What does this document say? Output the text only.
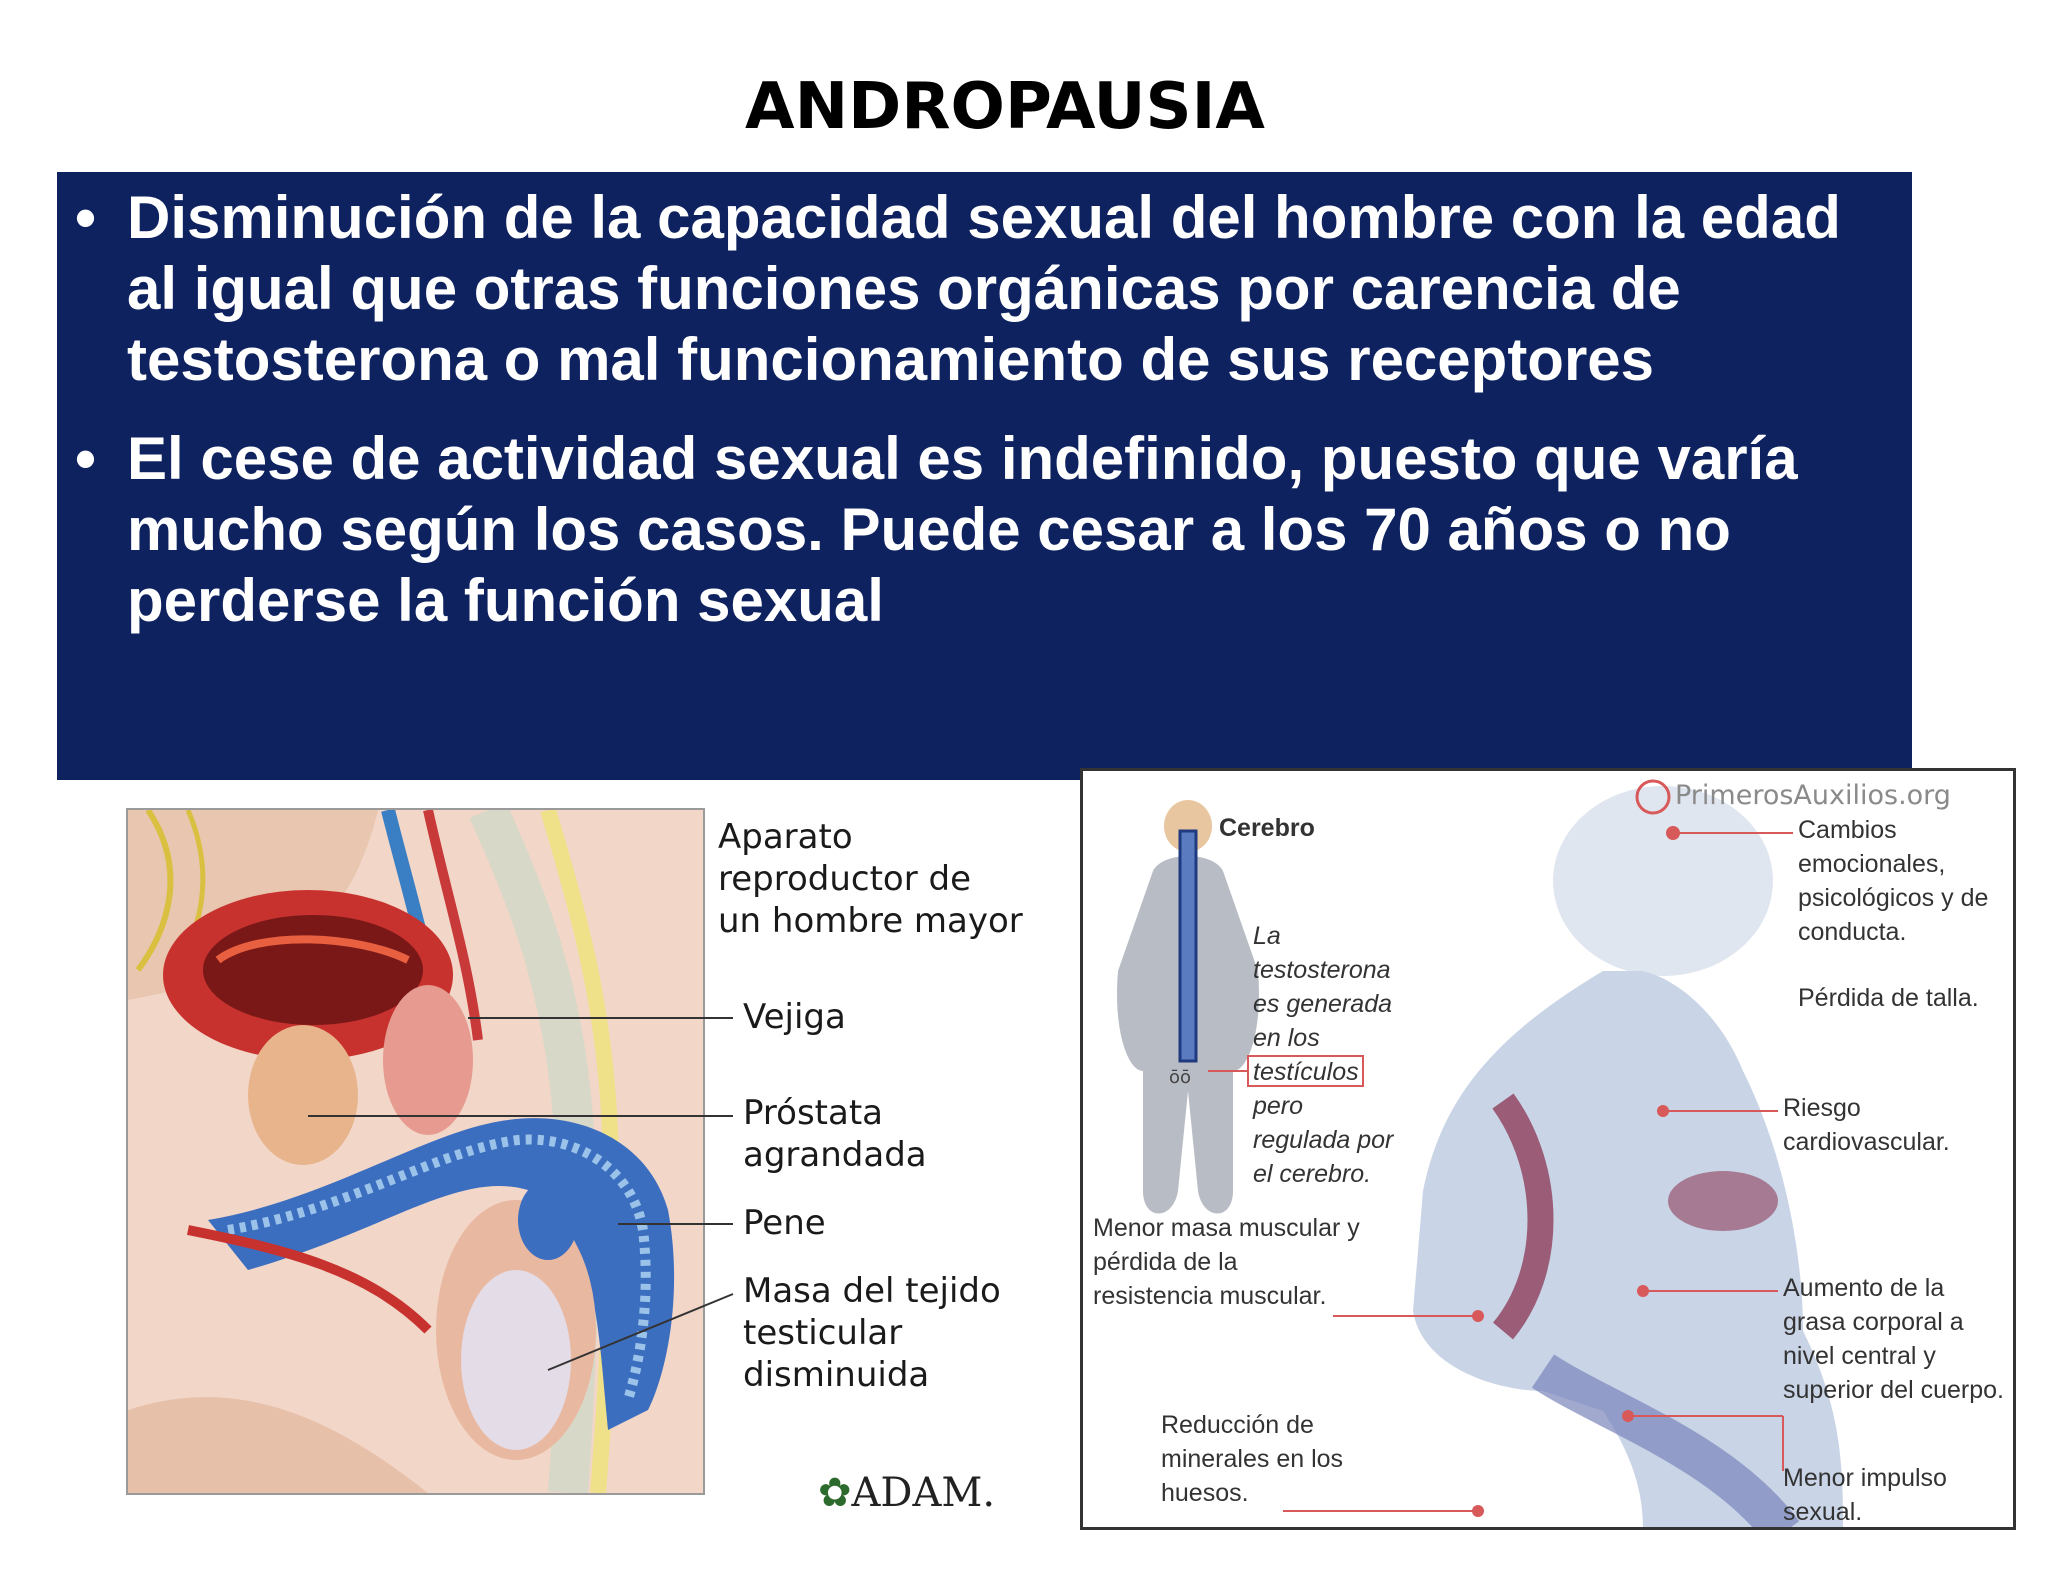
ANDROPAUSIA
• Disminución de la capacidad sexual del hombre con la edad al igual que otras funciones orgánicas por carencia de testosterona o mal funcionamiento de sus receptores
• El cese de actividad sexual es indefinido, puesto que varía mucho según los casos. Puede cesar a los 70 años o no perderse la función sexual
Aparato
reproductor de
un hombre mayor
Vejiga
Próstata
agrandada
Pene
Masa del tejido
testicular
disminuida
✿ADAM.
ōō
PrimerosAuxilios.org
Cerebro
La
testosterona
es generada
en los
testículos
pero
regulada por
el cerebro.
Cambios
emocionales,
psicológicos y de
conducta.
Pérdida de talla.
Riesgo
cardiovascular.
Menor masa muscular y
pérdida de la
resistencia muscular.	Aumento de la
grasa corporal a
nivel central y
superior del cuerpo.
Reducción de
minerales en los
huesos.
Menor impulso
sexual.
